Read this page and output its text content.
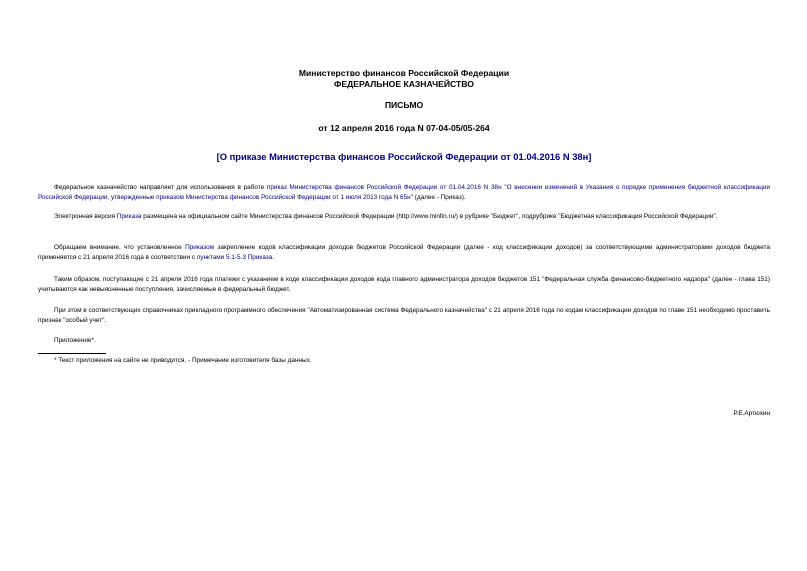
Министерство финансов Российской Федерации
ФЕДЕРАЛЬНОЕ КАЗНАЧЕЙСТВО
ПИСЬМО
от 12 апреля 2016 года N 07-04-05/05-264
[О приказе Министерства финансов Российской Федерации от 01.04.2016 N 38н]
Федеральное казначейство направляет для использования в работе приказ Министерства финансов Российской Федерации от 01.04.2016 N 38н "О внесении изменений в Указания о порядке применения бюджетной классификации Российской Федерации, утвержденные приказом Министерства финансов Российской Федерации от 1 июля 2013 года N 65н" (далее - Приказ).
Электронная версия Приказа размещена на официальном сайте Министерства финансов Российской Федерации (http://www.minfin.ru/) в рубрике "Бюджет", подрубрике "Бюджетная классификация Российской Федерации".
Обращаем внимание, что установленное Приказом закрепление кодов классификации доходов бюджетов Российской Федерации (далее - код классификации доходов) за соответствующими администраторами доходов бюджета применяется с 21 апреля 2016 года в соответствии с пунктами 5.1-5.3 Приказа.
Таким образом, поступающие с 21 апреля 2016 года платежи с указанием в коде классификации доходов кода главного администратора доходов бюджетов 151 "Федеральная служба финансово-бюджетного надзора" (далее - глава 151) учитываются как невыясненные поступления, зачисляемые в федеральный бюджет.
При этом в соответствующих справочниках прикладного программного обеспечения "Автоматизированная система Федерального казначейства" с 21 апреля 2016 года по кодам классификации доходов по главе 151 необходимо проставить признак "особый учет".
Приложение*.
* Текст приложения на сайте не приводится. - Примечание изготовителя базы данных.
Р.Е.Артюхин
